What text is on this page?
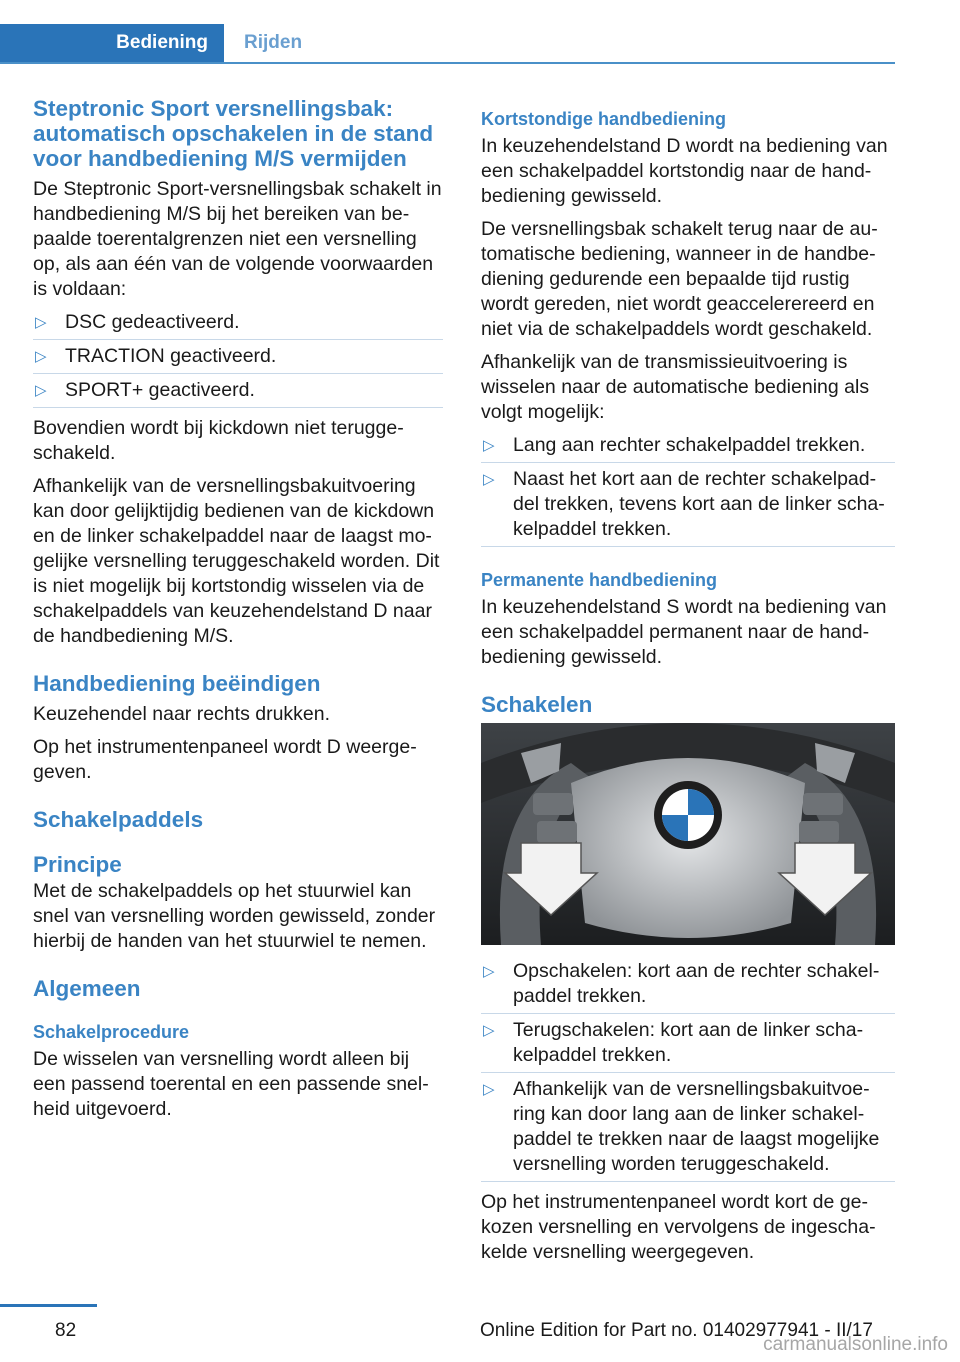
Bediening	Rijden
Steptronic Sport versnellingsbak: automatisch opschakelen in de stand voor handbediening M/S vermijden

De Steptronic Sport-versnellingsbak schakelt in handbediening M/S bij het bereiken van bepaalde toerentalgrenzen niet een versnelling op, als aan één van de volgende voorwaarden is voldaan:

▷ DSC gedeactiveerd.
▷ TRACTION geactiveerd.
▷ SPORT+ geactiveerd.

Bovendien wordt bij kickdown niet teruggeschakeld.

Afhankelijk van de versnellingsbakuitvoering kan door gelijktijdig bedienen van de kickdown en de linker schakelpaddel naar de laagst mogelijke versnelling teruggeschakeld worden. Dit is niet mogelijk bij kortstondig wisselen via de schakelpaddels van keuzehendelstand D naar de handbediening M/S.

Handbediening beëindigen

Keuzehendel naar rechts drukken.

Op het instrumentenpaneel wordt D weergegeven.

Schakelpaddels
Principe

Met de schakelpaddels op het stuurwiel kan snel van versnelling worden gewisseld, zonder hierbij de handen van het stuurwiel te nemen.

Algemeen
Schakelprocedure

De wisselen van versnelling wordt alleen bij een passend toerental en een passende snelheid uitgevoerd.

Kortstondige handbediening

In keuzehendelstand D wordt na bediening van een schakelpaddel kortstondig naar de handbediening gewisseld.

De versnellingsbak schakelt terug naar de automatische bediening, wanneer in de handbediening gedurende een bepaalde tijd rustig wordt gereden, niet wordt geaccelerereerd en niet via de schakelpaddels wordt geschakeld.

Afhankelijk van de transmissieuitvoering is wisselen naar de automatische bediening als volgt mogelijk:

▷ Lang aan rechter schakelpaddel trekken.
▷ Naast het kort aan de rechter schakelpaddel trekken, tevens kort aan de linker schakelpaddel trekken.
Permanente handbediening

In keuzehendelstand S wordt na bediening van een schakelpaddel permanent naar de handbediening gewisseld.

Schakelen
▷ Opschakelen: kort aan de rechter schakelpaddel trekken.
▷ Terugschakelen: kort aan de linker schakelpaddel trekken.
▷ Afhankelijk van de versnellingsbakuitvoering kan door lang aan de linker schakelpaddel te trekken naar de laagst mogelijke versnelling worden teruggeschakeld.

Op het instrumentenpaneel wordt kort de gekozen versnelling en vervolgens de ingeschakelde versnelling weergegeven.

82	Online Edition for Part no. 01402977941 - II/17
carmanualsonline.info
